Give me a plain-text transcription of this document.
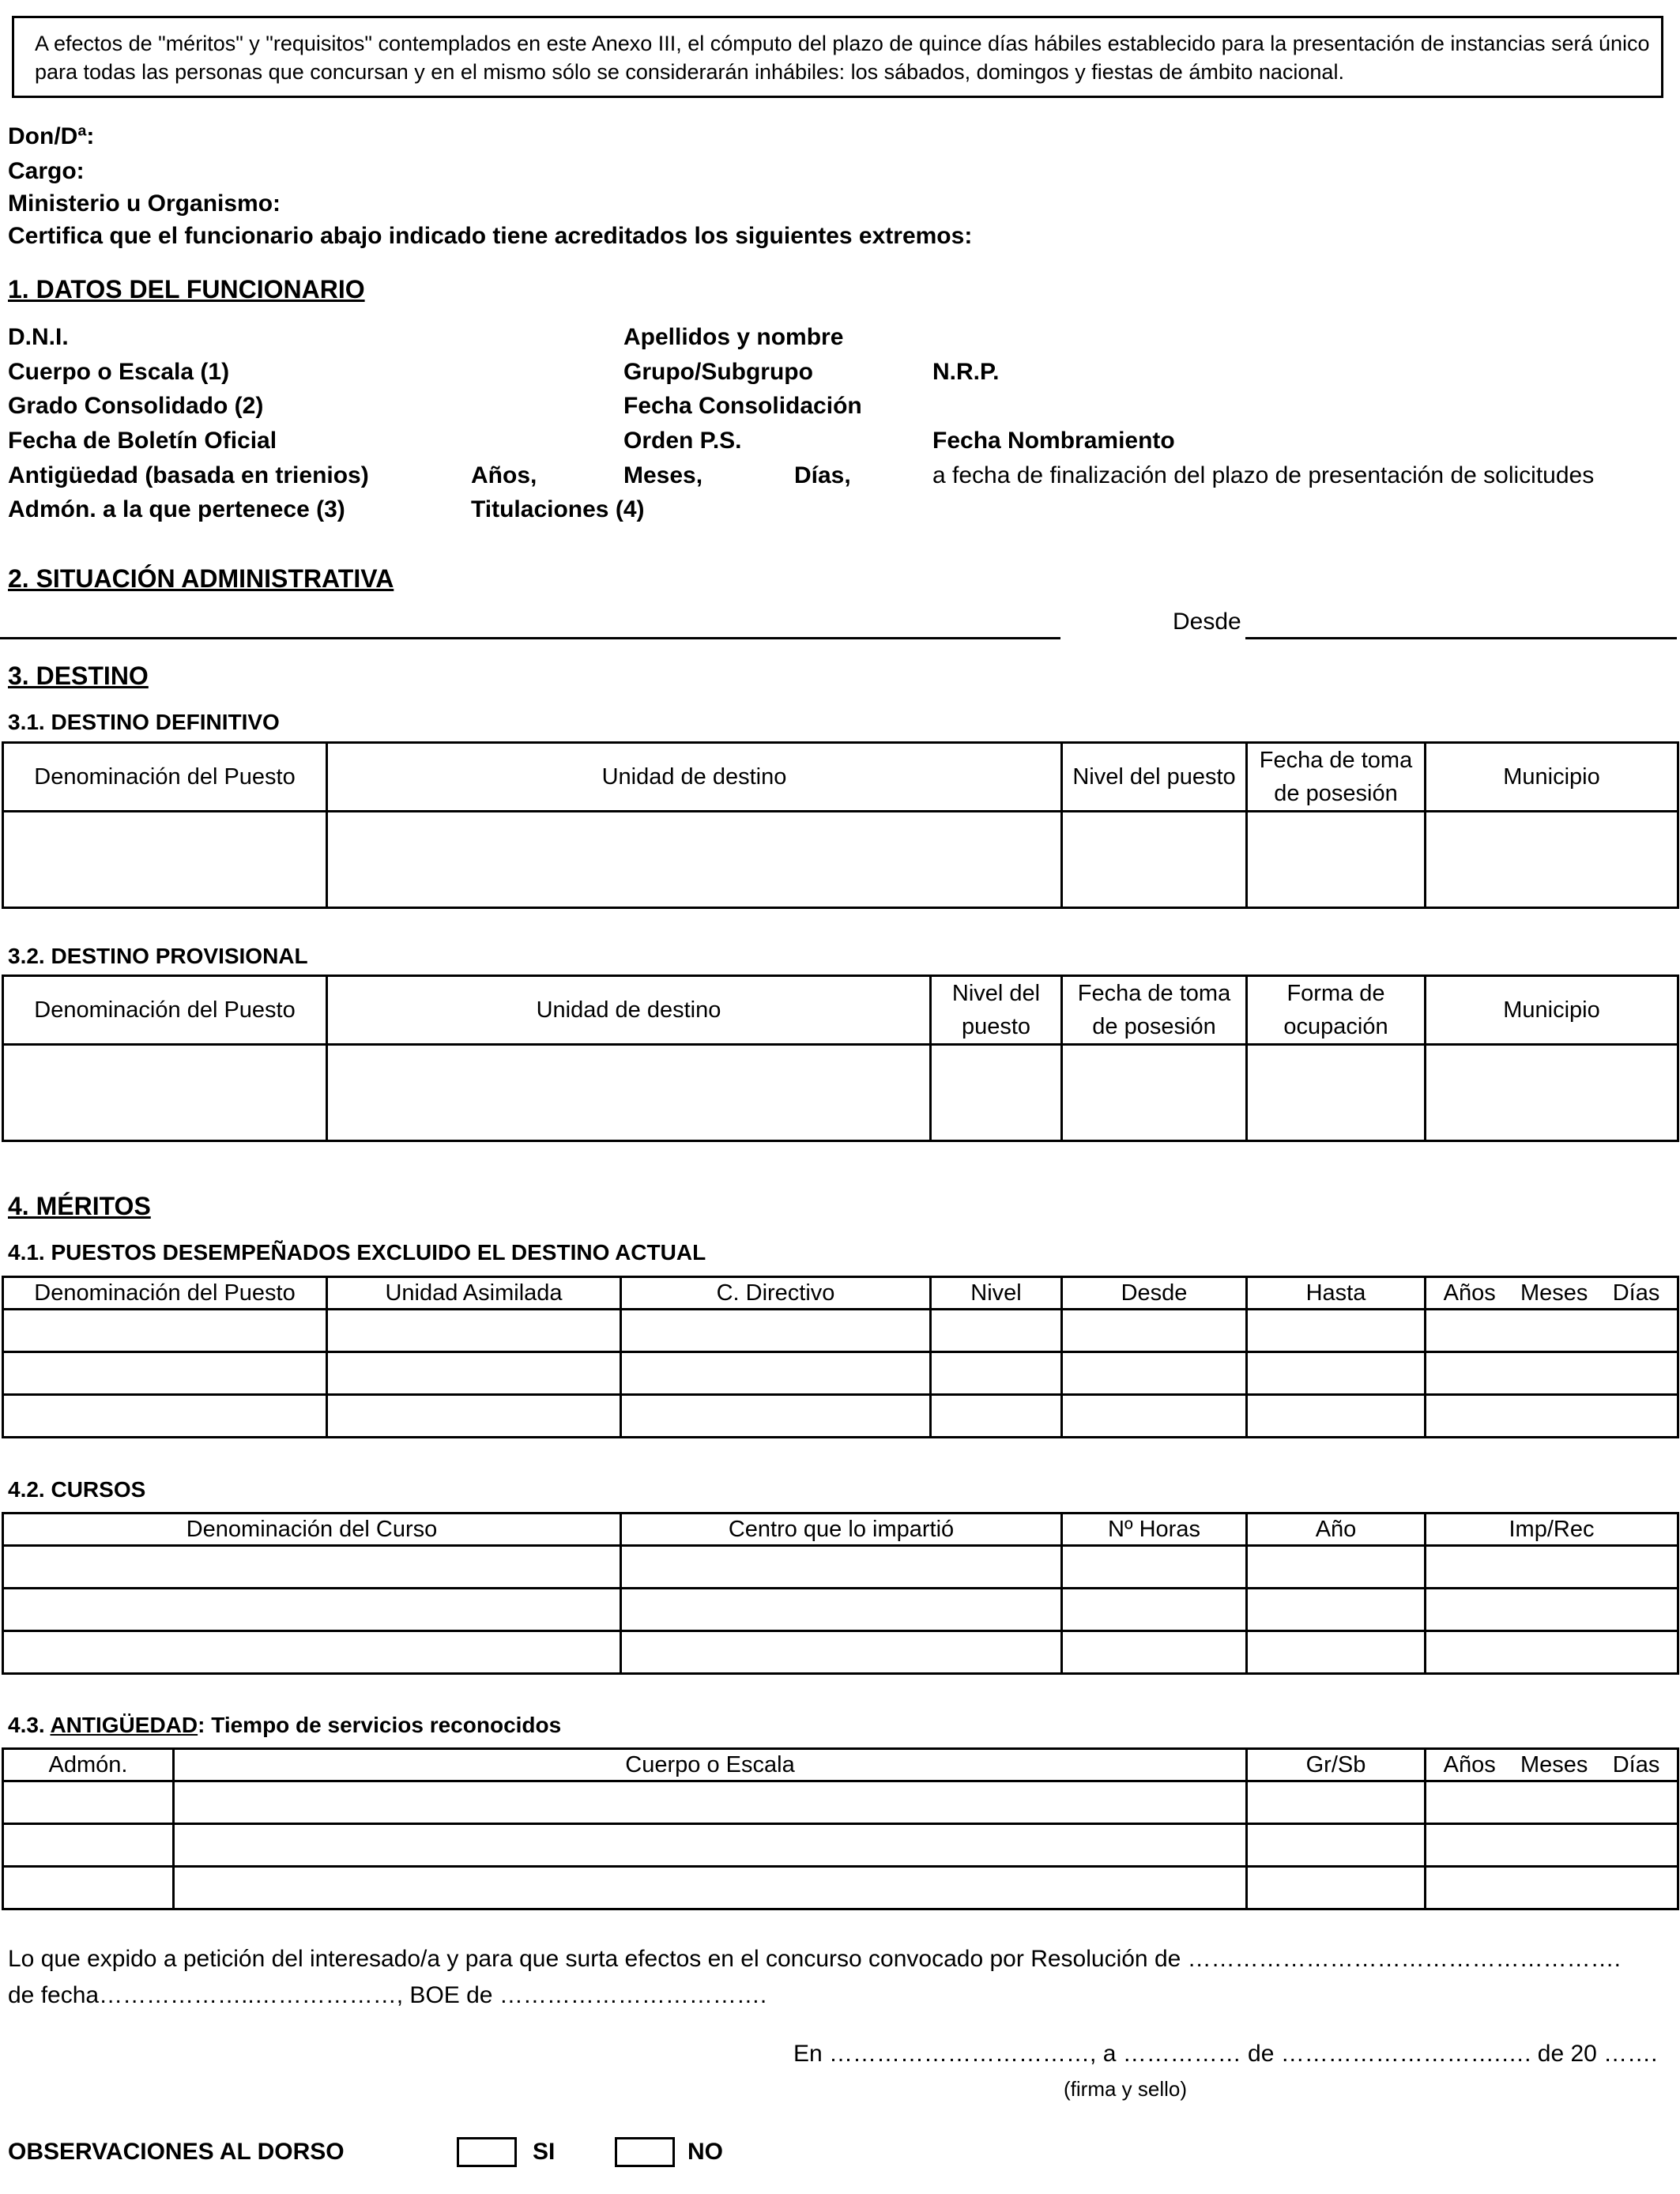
A efectos de "méritos" y "requisitos" contemplados en este Anexo III, el cómputo del plazo de quince días hábiles establecido para la presentación de instancias será único para todas las personas que concursan y en el mismo sólo se considerarán inhábiles: los sábados, domingos y fiestas de ámbito nacional.
Don/Dª:
Cargo:
Ministerio u Organismo:
Certifica que el funcionario abajo indicado tiene acreditados los siguientes extremos:
1. DATOS DEL FUNCIONARIO
D.N.I.	Apellidos y nombre
Cuerpo o Escala (1)	Grupo/Subgrupo	N.R.P.
Grado Consolidado (2)	Fecha Consolidación
Fecha de Boletín Oficial	Orden P.S.	Fecha Nombramiento
Antigüedad (basada en trienios)	Años,	Meses,	Días,	a fecha de finalización del plazo de presentación de solicitudes
Admón. a la que pertenece (3)	Titulaciones (4)
2. SITUACIÓN ADMINISTRATIVA
Desde
3. DESTINO
3.1. DESTINO DEFINITIVO
Denominación del Puesto	Unidad de destino	Nivel del puesto	Fecha de toma de posesión	Municipio

3.2. DESTINO PROVISIONAL
Denominación del Puesto	Unidad de destino	Nivel del puesto	Fecha de toma de posesión	Forma de ocupación	Municipio

4. MÉRITOS
4.1. PUESTOS DESEMPEÑADOS EXCLUIDO EL DESTINO ACTUAL
Denominación del Puesto	Unidad Asimilada	C. Directivo	Nivel	Desde	Hasta	Años Meses Días

4.2. CURSOS
Denominación del Curso	Centro que lo impartió	Nº Horas	Año	Imp/Rec

4.3. ANTIGÜEDAD: Tiempo de servicios reconocidos
Admón.	Cuerpo o Escala	Gr/Sb	Años Meses Días

Lo que expido a petición del interesado/a y para que surta efectos en el concurso convocado por Resolución de ……………………………………………….
de fecha………………..………………, BOE de …………………………….
En ……………………………, a …………… de ……………………….…. de 20 …….
(firma y sello)
OBSERVACIONES AL DORSO	SI	NO
